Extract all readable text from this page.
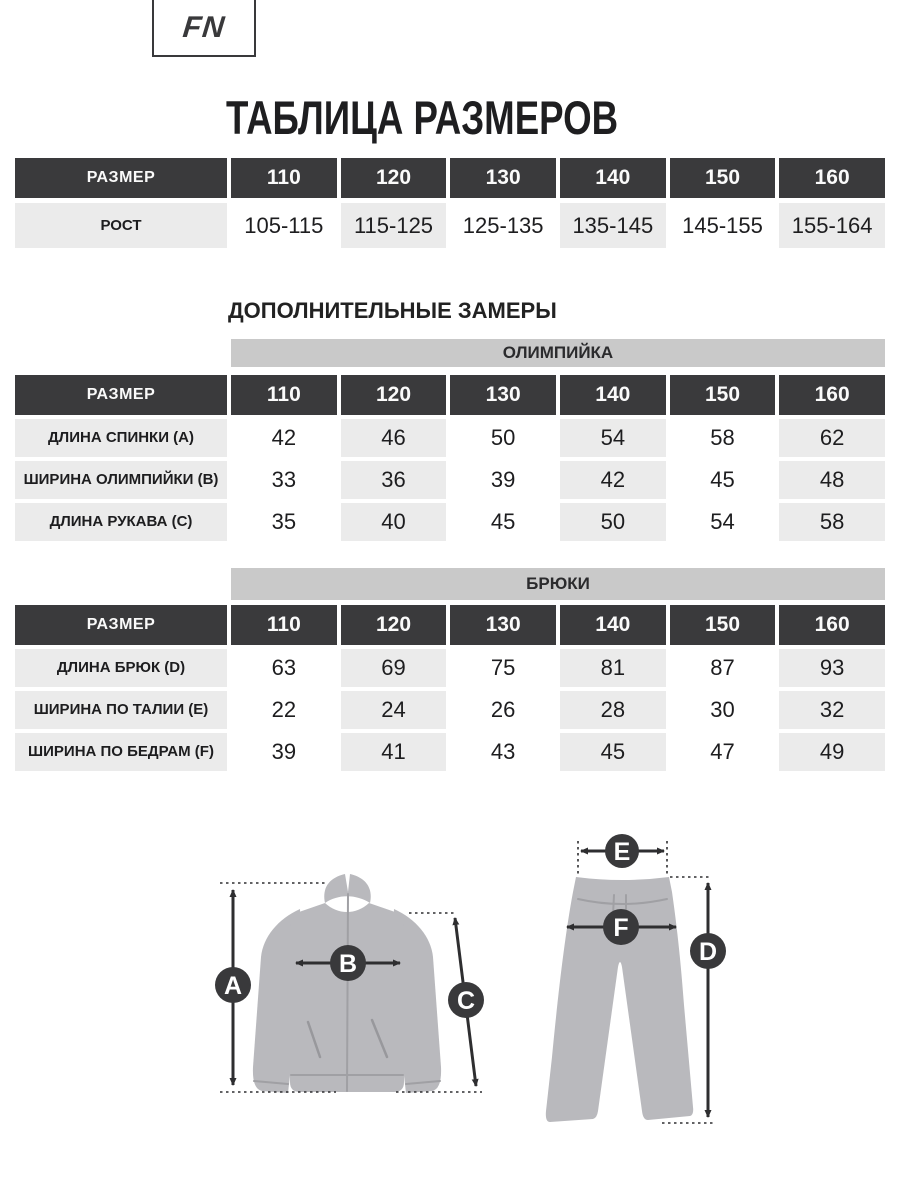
FN
ТАБЛИЦА РАЗМЕРОВ
РАЗМЕР	110	120	130	140	150	160
РОСТ	105-115	115-125	125-135	135-145	145-155	155-164
ДОПОЛНИТЕЛЬНЫЕ ЗАМЕРЫ
ОЛИМПИЙКА
РАЗМЕР	110	120	130	140	150	160
ДЛИНА СПИНКИ (A)	42	46	50	54	58	62
ШИРИНА ОЛИМПИЙКИ (B)	33	36	39	42	45	48
ДЛИНА РУКАВА (C)	35	40	45	50	54	58
БРЮКИ
РАЗМЕР	110	120	130	140	150	160
ДЛИНА БРЮК (D)	63	69	75	81	87	93
ШИРИНА ПО ТАЛИИ (E)	22	24	26	28	30	32
ШИРИНА ПО БЕДРАМ (F)	39	41	43	45	47	49
A
B
C
E
F
D
